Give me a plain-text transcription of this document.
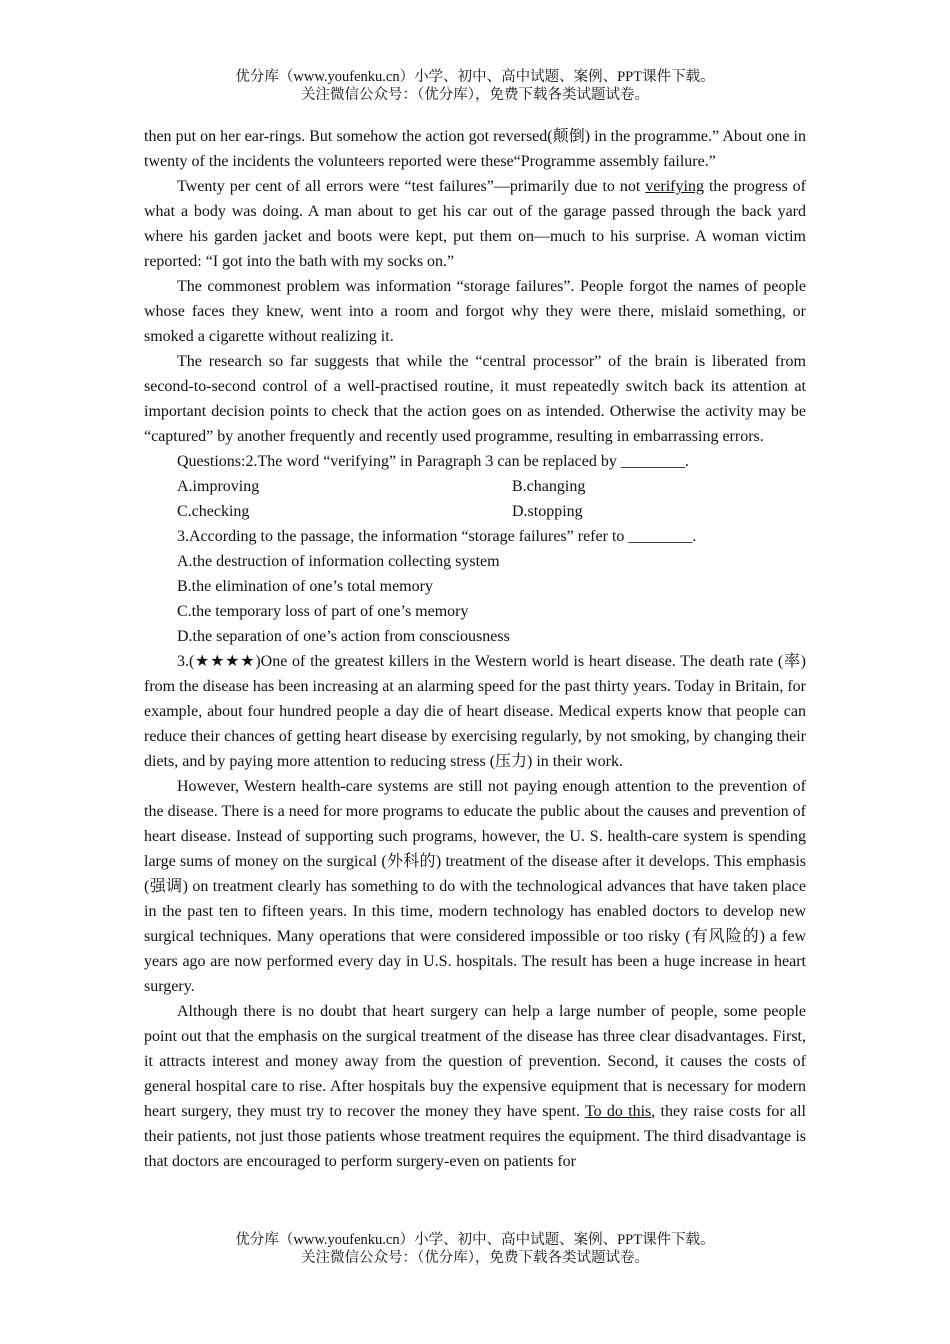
优分库（www.youfenku.cn）小学、初中、高中试题、案例、PPT课件下载。
关注微信公众号：（优分库），免费下载各类试题试卷。

then put on her ear-rings. But somehow the action got reversed(颠倒) in the programme.” About one in twenty of the incidents the volunteers reported were these“Programme assembly failure.”

Twenty per cent of all errors were “test failures”—primarily due to not verifying the progress of what a body was doing. A man about to get his car out of the garage passed through the back yard where his garden jacket and boots were kept, put them on—much to his surprise. A woman victim reported: “I got into the bath with my socks on.”

The commonest problem was information “storage failures”. People forgot the names of people whose faces they knew, went into a room and forgot why they were there, mislaid something, or smoked a cigarette without realizing it.

The research so far suggests that while the “central processor” of the brain is liberated from second-to-second control of a well-practised routine, it must repeatedly switch back its attention at important decision points to check that the action goes on as intended. Otherwise the activity may be “captured” by another frequently and recently used programme, resulting in embarrassing errors.

Questions:2.The word “verifying” in Paragraph 3 can be replaced by ________.

A.improving	B.changing
C.checking	D.stopping

3.According to the passage, the information “storage failures” refer to ________.

A.the destruction of information collecting system

B.the elimination of one’s total memory

C.the temporary loss of part of one’s memory

D.the separation of one’s action from consciousness

3.(★★★★)One of the greatest killers in the Western world is heart disease. The death rate (率) from the disease has been increasing at an alarming speed for the past thirty years. Today in Britain, for example, about four hundred people a day die of heart disease. Medical experts know that people can reduce their chances of getting heart disease by exercising regularly, by not smoking, by changing their diets, and by paying more attention to reducing stress (压力) in their work.

However, Western health-care systems are still not paying enough attention to the prevention of the disease. There is a need for more programs to educate the public about the causes and prevention of heart disease. Instead of supporting such programs, however, the U. S. health-care system is spending large sums of money on the surgical (外科的) treatment of the disease after it develops. This emphasis (强调) on treatment clearly has something to do with the technological advances that have taken place in the past ten to fifteen years. In this time, modern technology has enabled doctors to develop new surgical techniques. Many operations that were considered impossible or too risky (有风险的) a few years ago are now performed every day in U.S. hospitals. The result has been a huge increase in heart surgery.

Although there is no doubt that heart surgery can help a large number of people, some people point out that the emphasis on the surgical treatment of the disease has three clear disadvantages. First, it attracts interest and money away from the question of prevention. Second, it causes the costs of general hospital care to rise. After hospitals buy the expensive equipment that is necessary for modern heart surgery, they must try to recover the money they have spent. To do this, they raise costs for all their patients, not just those patients whose treatment requires the equipment. The third disadvantage is that doctors are encouraged to perform surgery-even on patients for

优分库（www.youfenku.cn）小学、初中、高中试题、案例、PPT课件下载。
关注微信公众号：（优分库），免费下载各类试题试卷。
